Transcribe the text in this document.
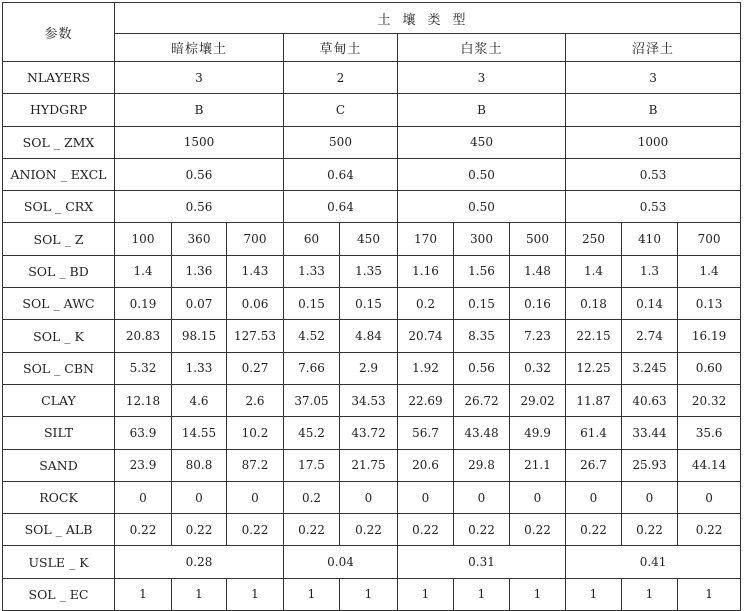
参数	土壤类型										
	暗棕壤土			草甸土		白浆土			沼泽土		
NLAYERS	3			2		3			3		
HYDGRP	B			C		B			B		
SOL _ ZMX	1500			500		450			1000		
ANION _ EXCL	0.56			0.64		0.50			0.53		
SOL _ CRX	0.56			0.64		0.50			0.53		
SOL _ Z	100	360	700	60	450	170	300	500	250	410	700
SOL _ BD	1.4	1.36	1.43	1.33	1.35	1.16	1.56	1.48	1.4	1.3	1.4
SOL _ AWC	0.19	0.07	0.06	0.15	0.15	0.2	0.15	0.16	0.18	0.14	0.13
SOL _ K	20.83	98.15	127.53	4.52	4.84	20.74	8.35	7.23	22.15	2.74	16.19
SOL _ CBN	5.32	1.33	0.27	7.66	2.9	1.92	0.56	0.32	12.25	3.245	0.60
CLAY	12.18	4.6	2.6	37.05	34.53	22.69	26.72	29.02	11.87	40.63	20.32
SILT	63.9	14.55	10.2	45.2	43.72	56.7	43.48	49.9	61.4	33.44	35.6
SAND	23.9	80.8	87.2	17.5	21.75	20.6	29.8	21.1	26.7	25.93	44.14
ROCK	0	0	0	0.2	0	0	0	0	0	0	0
SOL _ ALB	0.22	0.22	0.22	0.22	0.22	0.22	0.22	0.22	0.22	0.22	0.22
USLE _ K	0.28			0.04		0.31			0.41		
SOL _ EC	1	1	1	1	1	1	1	1	1	1	1
